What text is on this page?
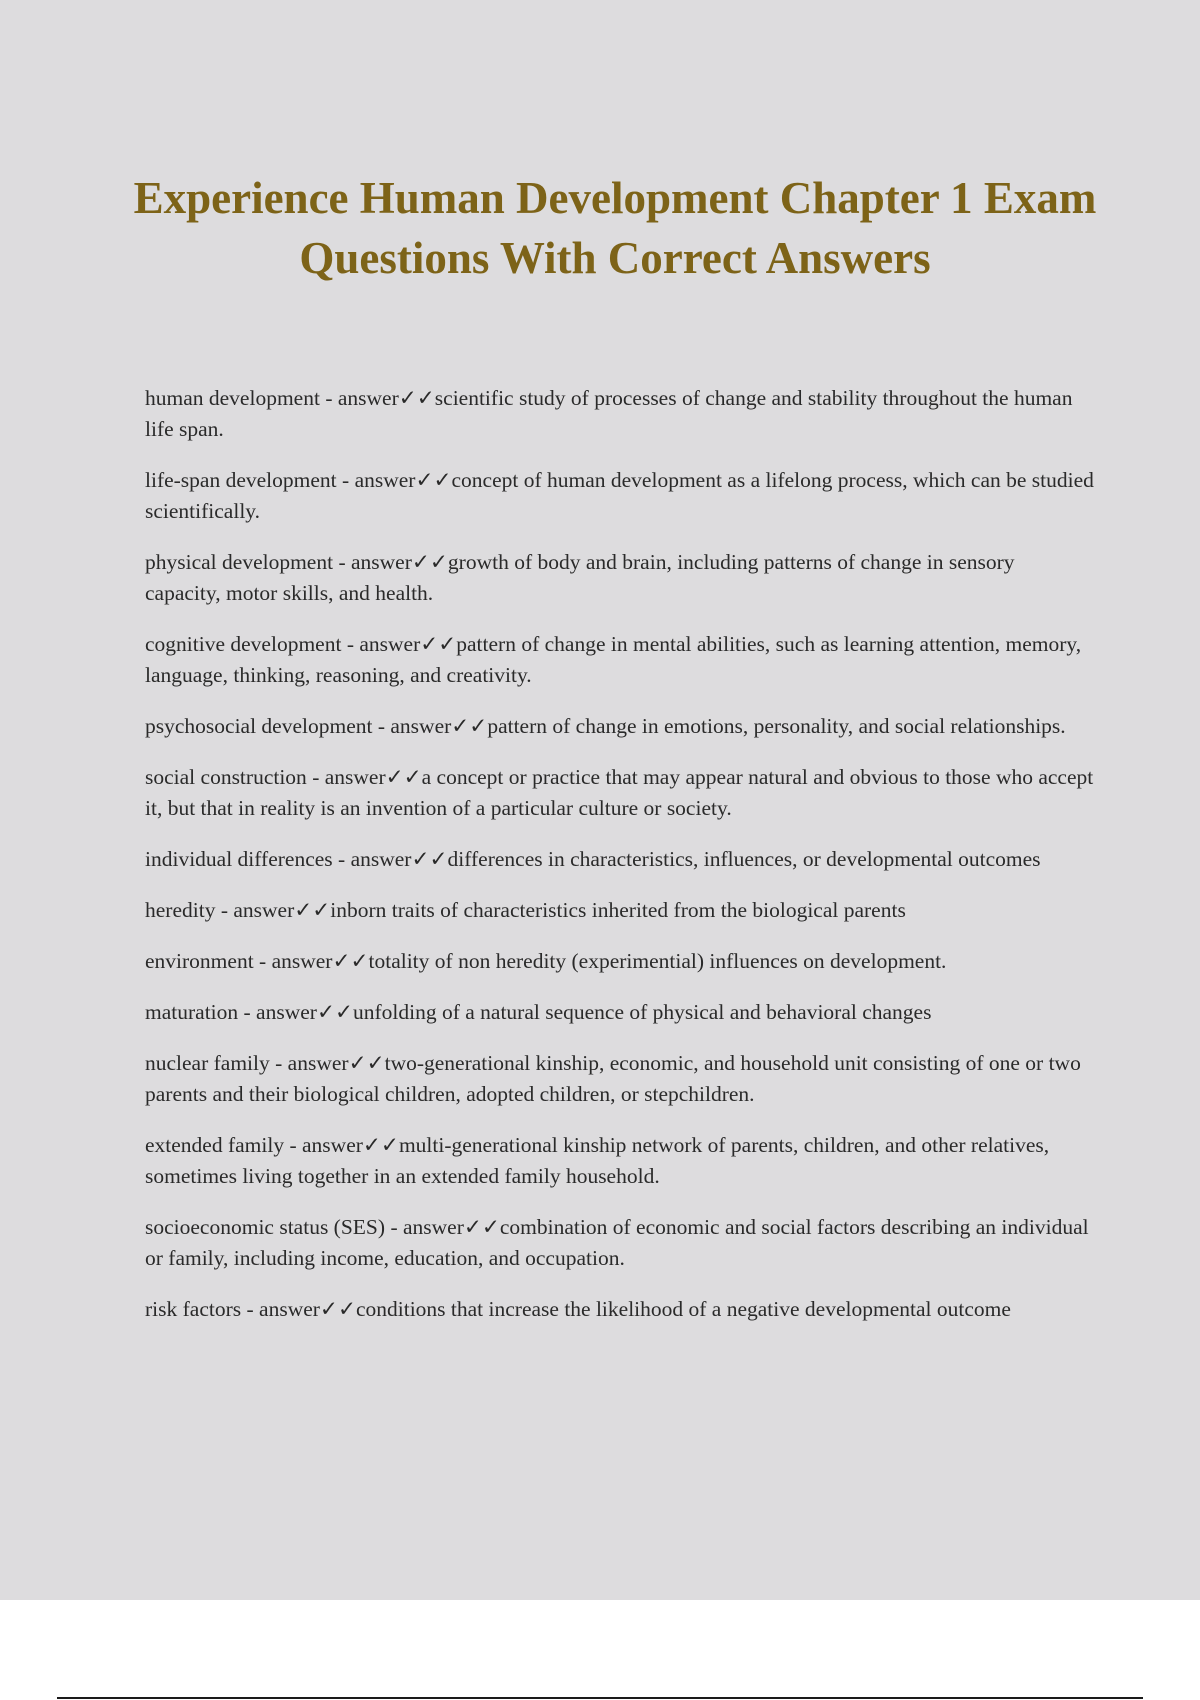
Experience Human Development Chapter 1 Exam Questions With Correct Answers

human development - answer✓✓scientific study of processes of change and stability throughout the human life span.

life-span development - answer✓✓concept of human development as a lifelong process, which can be studied scientifically.

physical development - answer✓✓growth of body and brain, including patterns of change in sensory capacity, motor skills, and health.

cognitive development - answer✓✓pattern of change in mental abilities, such as learning attention, memory, language, thinking, reasoning, and creativity.

psychosocial development - answer✓✓pattern of change in emotions, personality, and social relationships.

social construction - answer✓✓a concept or practice that may appear natural and obvious to those who accept it, but that in reality is an invention of a particular culture or society.

individual differences - answer✓✓differences in characteristics, influences, or developmental outcomes

heredity - answer✓✓inborn traits of characteristics inherited from the biological parents

environment - answer✓✓totality of non heredity (experimential) influences on development.

maturation - answer✓✓unfolding of a natural sequence of physical and behavioral changes

nuclear family - answer✓✓two-generational kinship, economic, and household unit consisting of one or two parents and their biological children, adopted children, or stepchildren.

extended family - answer✓✓multi-generational kinship network of parents, children, and other relatives, sometimes living together in an extended family household.

socioeconomic status (SES) - answer✓✓combination of economic and social factors describing an individual or family, including income, education, and occupation.

risk factors - answer✓✓conditions that increase the likelihood of a negative developmental outcome
